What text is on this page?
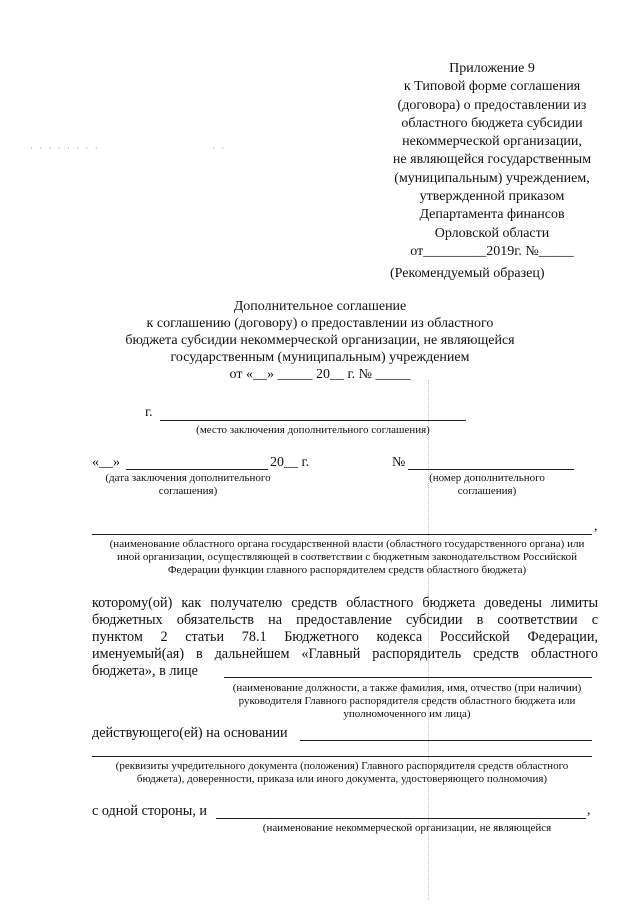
· · · · · · · ·	· ·
Приложение 9
к Типовой форме соглашения
(договора) о предоставлении из
областного бюджета субсидии
некоммерческой организации,
не являющейся государственным
(муниципальным) учреждением,
утвержденной приказом
Департамента финансов
Орловской области
от_________2019г. №_____
(Рекомендуемый образец)
Дополнительное соглашение
к соглашению (договору) о предоставлении из областного
бюджета субсидии некоммерческой организации, не являющейся
государственным (муниципальным) учреждением
от «__» _____ 20__ г. № _____
г.
(место заключения дополнительного соглашения)
«__»	20__ г.
(дата заключения дополнительного соглашения)
№
(номер дополнительного соглашения)
,
(наименование областного органа государственной власти (областного государственного органа) или иной организации, осуществляющей в соответствии с бюджетным законодательством Российской Федерации функции главного распорядителем средств областного бюджета)
которому(ой) как получателю средств областного бюджета доведены лимиты
бюджетных обязательств на предоставление субсидии в соответствии с
пунктом 2 статьи 78.1 Бюджетного кодекса Российской Федерации,
именуемый(ая) в дальнейшем «Главный распорядитель средств областного
бюджета», в лице
(наименование должности, а также фамилия, имя, отчество (при наличии) руководителя Главного распорядителя средств областного бюджета или уполномоченного им лица)
действующего(ей) на основании
(реквизиты учредительного документа (положения) Главного распорядителя средств областного бюджета), доверенности, приказа или иного документа, удостоверяющего полномочия)
с одной стороны, и	,
(наименование некоммерческой организации, не являющейся
